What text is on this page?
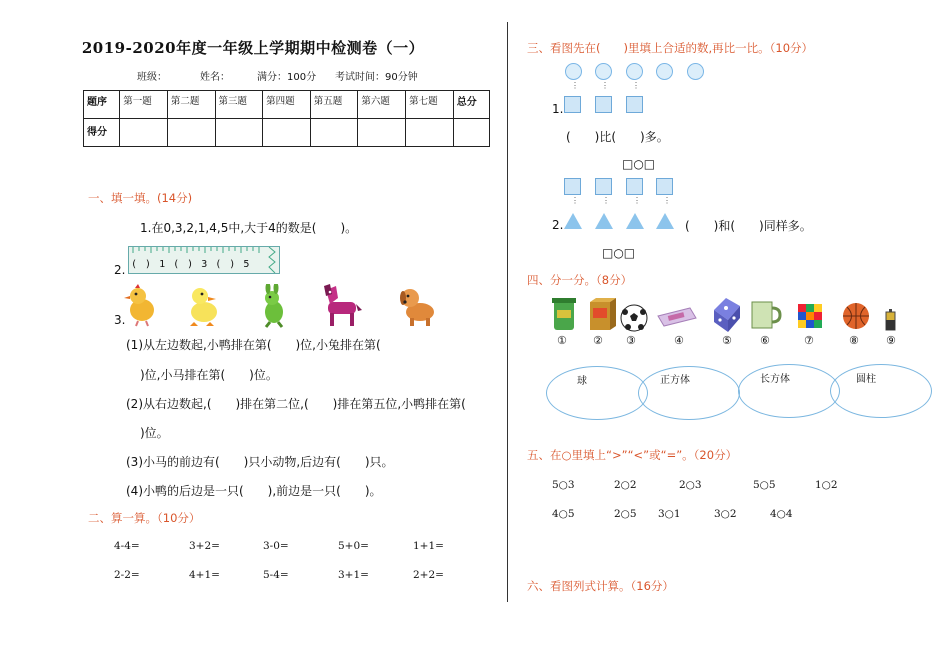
2019-2020年度一年级上学期期中检测卷（一）
班级：	姓名：	满分：100分 考试时间：90分钟
题序	第一题	第二题	第三题	第四题	第五题	第六题	第七题	总分
得分								
一、填一填。(14分)
1.在0,3,2,1,4,5中,大于4的数是(　　)。
2. ( ) 1 ( ) 3 ( ) 5
3.
(1)从左边数起,小鸭排在第(　　)位,小兔排在第(
)位,小马排在第(　　)位。
(2)从右边数起,(　　)排在第二位,(　　)排在第五位,小鸭排在第(
)位。
(3)小马的前边有(　　)只小动物,后边有(　　)只。
(4)小鸭的后边是一只(　　),前边是一只(　　)。
二、算一算。（10分）
4-4=	3+2=	3-0=	5+0=	1+1=
2-2=	4+1=	5-4=	3+1=	2+2=
三、看图先在(　　)里填上合适的数,再比一比。（10分）
⋮	⋮	⋮
1.
(　　)比(　　)多。
□○□
⋮	⋮	⋮	⋮
2.	(　　)和(　　)同样多。
□○□
四、分一分。（8分）
① ② ③	④	⑤	⑥	⑦	⑧ ⑨
球	正方体	长方体	圆柱
五、在○里填上“>”“<”或“=”。（20分）
5○3	2○2	2○3	5○5	1○2
4○5	2○5 3○1	3○2	4○4
六、看图列式计算。（16分）
